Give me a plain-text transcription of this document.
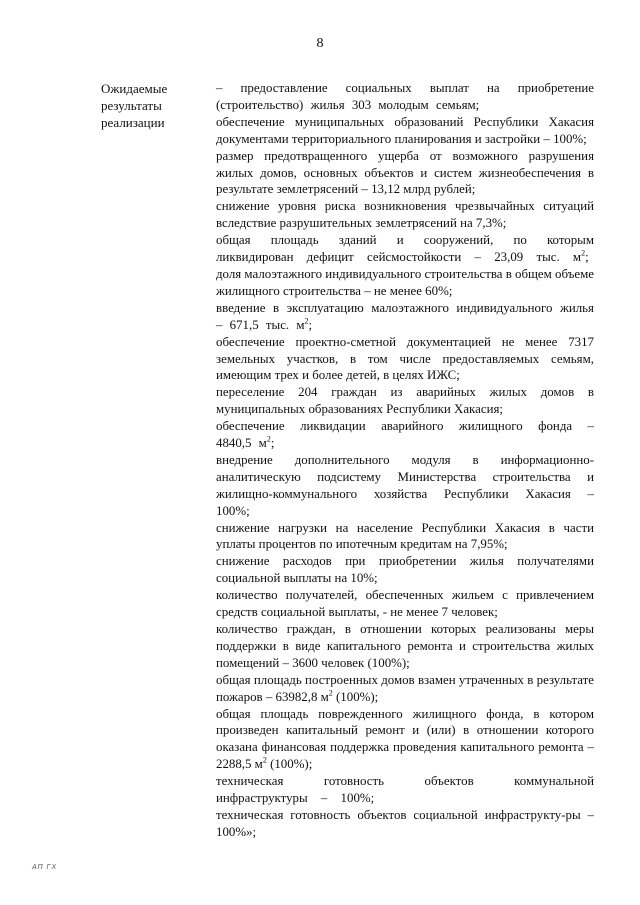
8
Ожидаемые
результаты
реализации
– предоставление социальных выплат на приобретение (строительство) жилья 303 молодым семьям;
обеспечение муниципальных образований Республики Хакасия документами территориального планирования и застройки – 100%;
размер предотвращенного ущерба от возможного разрушения жилых домов, основных объектов и систем жизнеобеспечения в результате землетрясений – 13,12 млрд рублей;
снижение уровня риска возникновения чрезвычайных ситуаций вследствие разрушительных землетрясений на 7,3%;
общая площадь зданий и сооружений, по которым ликвидирован дефицит сейсмостойкости – 23,09 тыс. $м^2$;
доля малоэтажного индивидуального строительства в общем объеме жилищного строительства – не менее 60%;
введение в эксплуатацию малоэтажного индивидуального жилья – 671,5 тыс. $м^2$;
обеспечение проектно-сметной документацией не менее 7317 земельных участков, в том числе предоставляемых семьям, имеющим трех и более детей, в целях ИЖС;
переселение 204 граждан из аварийных жилых домов в муниципальных образованиях Республики Хакасия;
обеспечение ликвидации аварийного жилищного фонда – 4840,5 $м^2$;
внедрение дополнительного модуля в информационно-аналитическую подсистему Министерства строительства и жилищно-коммунального хозяйства Республики Хакасия – 100%;
снижение нагрузки на население Республики Хакасия в части уплаты процентов по ипотечным кредитам на 7,95%;
снижение расходов при приобретении жилья получателями социальной выплаты на 10%;
количество получателей, обеспеченных жильем с привлечением средств социальной выплаты, - не менее 7 человек;
количество граждан, в отношении которых реализованы меры поддержки в виде капитального ремонта и строительства жилых помещений – 3600 человек (100%);
общая площадь построенных домов взамен утраченных в результате пожаров – 63982,8 $м^2$ (100%);
общая площадь поврежденного жилищного фонда, в котором произведен капитальный ремонт и (или) в отношении которого оказана финансовая поддержка проведения капитального ремонта – 2288,5 $м^2$ (100%);
техническая готовность объектов коммунальной инфраструктуры – 100%;
техническая готовность объектов социальной инфраструкту-ры – 100%»;
АП ГХ
